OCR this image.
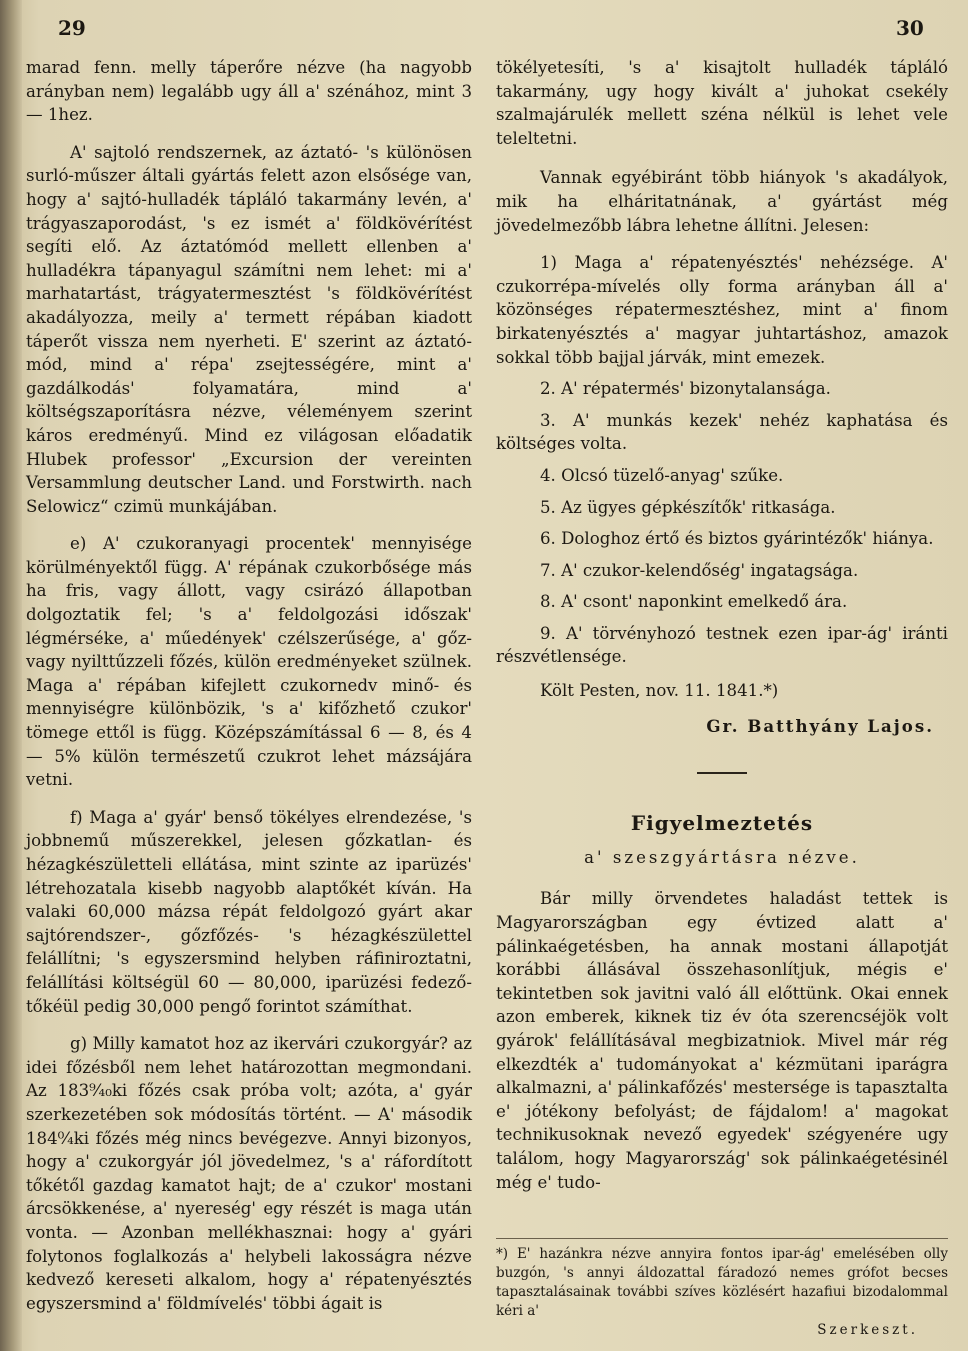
29	30

marad fenn. melly táperőre nézve (ha nagyobb arányban nem) legalább ugy áll a' szénához, mint 3 — 1hez.

A' sajtoló rendszernek, az áztató- 's különösen surló-műszer általi gyártás felett azon elsősége van, hogy a' sajtó-hulladék tápláló takarmány levén, a' trágyaszaporodást, 's ez ismét a' földkövérítést segíti elő. Az áztatómód mellett ellenben a' hulladékra tápanyagul számítni nem lehet: mi a' marhatartást, trágyatermesztést 's földkövérítést akadályozza, meily a' termett répában kiadott táperőt vissza nem nyerheti. E' szerint az áztató-mód, mind a' répa' zsejtességére, mint a' gazdálkodás' folyamatára, mind a' költségszaporításra nézve, véleményem szerint káros eredményű. Mind ez világosan előadatik Hlubek professor' „Excursion der vereinten Versammlung deutscher Land. und Forstwirth. nach Selowicz“ czimü munkájában.

e) A' czukoranyagi procentek' mennyisége körülményektől függ. A' répának czukorbősége más ha fris, vagy állott, vagy csirázó állapotban dolgoztatik fel; 's a' feldolgozási időszak' légmérséke, a' műedények' czélszerűsége, a' gőz- vagy nyilttűzzeli főzés, külön eredményeket szülnek. Maga a' répában kifejlett czukornedv minő- és mennyiségre különbözik, 's a' kifőzhető czukor' tömege ettől is függ. Középszámítással 6 — 8, és 4 — 5% külön természetű czukrot lehet mázsájára vetni.

f) Maga a' gyár' benső tökélyes elrendezése, 's jobbnemű műszerekkel, jelesen gőzkatlan- és hézagkészületteli ellátása, mint szinte az iparüzés' létrehozatala kisebb nagyobb alaptőkét kíván. Ha valaki 60,000 mázsa répát feldolgozó gyárt akar sajtórendszer-, gőzfőzés- 's hézagkészülettel felállítni; 's egyszersmind helyben ráfiniroztatni, felállítási költségül 60 — 80,000, iparüzési fedező-tőkéül pedig 30,000 pengő forintot számíthat.

g) Milly kamatot hoz az ikervári czukorgyár? az idei főzésből nem lehet határozottan megmondani. Az 183⁹⁄₄₀ki főzés csak próba volt; azóta, a' gyár szerkezetében sok módosítás történt. — A' második 184⁰⁄₄ki főzés még nincs bevégezve. Annyi bizonyos, hogy a' czukorgyár jól jövedelmez, 's a' ráfordított tőkétől gazdag kamatot hajt; de a' czukor' mostani árcsökkenése, a' nyereség' egy részét is maga után vonta. — Azonban mellékhasznai: hogy a' gyári folytonos foglalkozás a' helybeli lakosságra nézve kedvező kereseti alkalom, hogy a' répatenyésztés egyszersmind a' földmívelés' többi ágait is

tökélyetesíti, 's a' kisajtolt hulladék tápláló takarmány, ugy hogy kivált a' juhokat csekély szalmajárulék mellett széna nélkül is lehet vele teleltetni.

Vannak egyébiránt több hiányok 's akadályok, mik ha elháritatnának, a' gyártást még jövedelmezőbb lábra lehetne állítni. Jelesen:

1) Maga a' répatenyésztés' nehézsége. A' czukorrépa-mívelés olly forma arányban áll a' közönséges répatermesztéshez, mint a' finom birkatenyésztés a' magyar juhtartáshoz, amazok sokkal több bajjal járvák, mint emezek.
2. A' répatermés' bizonytalansága.
3. A' munkás kezek' nehéz kaphatása és költséges volta.
4. Olcsó tüzelő-anyag' szűke.
5. Az ügyes gépkészítők' ritkasága.
6. Dologhoz értő és biztos gyárintézők' hiánya.
7. A' czukor-kelendőség' ingatagsága.
8. A' csont' naponkint emelkedő ára.
9. A' törvényhozó testnek ezen ipar-ág' iránti részvétlensége.
Költ Pesten, nov. 11. 1841.*)
Gr. Batthyány Lajos.
Figyelmeztetés
a' szeszgyártásra nézve.

Bár milly örvendetes haladást tettek is Magyarországban egy évtized alatt a' pálinkaégetésben, ha annak mostani állapotját korábbi állásával összehasonlítjuk, mégis e' tekintetben sok javitni való áll előttünk. Okai ennek azon emberek, kiknek tiz év óta szerencséjök volt gyárok' felállításával megbizatniok. Mivel már rég elkezdték a' tudományokat a' kézmütani iparágra alkalmazni, a' pálinkafőzés' mestersége is tapasztalta e' jótékony befolyást; de fájdalom! a' magokat technikusoknak nevező egyedek' szégyenére ugy találom, hogy Magyarország' sok pálinkaégetésinél még e' tudo-

*) E' hazánkra nézve annyira fontos ipar-ág' emelésében olly buzgón, 's annyi áldozattal fáradozó nemes grófot becses tapasztalásainak további szíves közlésért hazafiui bizodalommal kéri a'
Szerkeszt.
